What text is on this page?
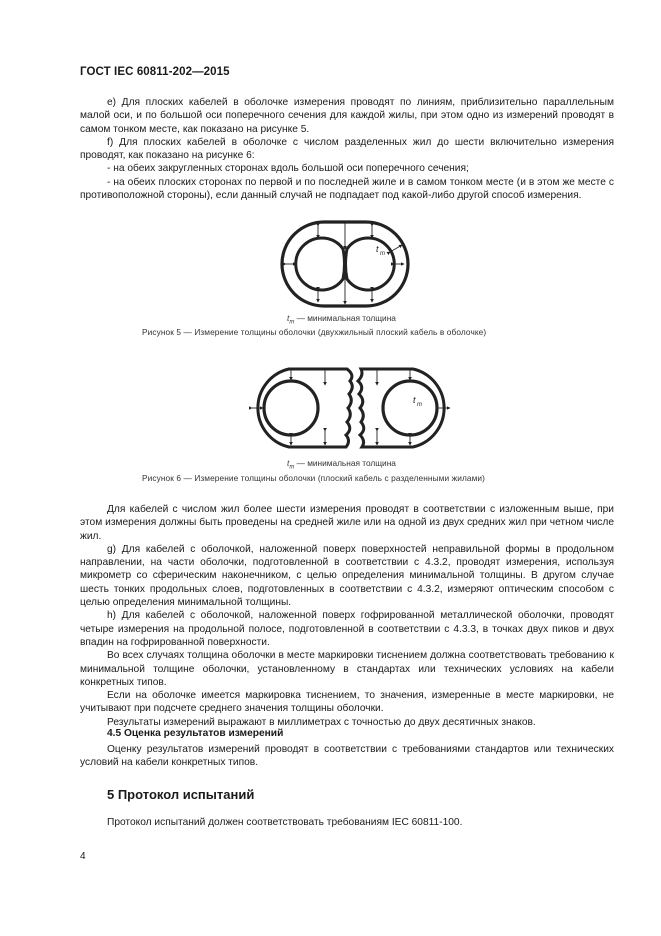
ГОСТ IEC 60811-202—2015

e) Для плоских кабелей в оболочке измерения проводят по линиям, приблизительно параллельным малой оси, и по большой оси поперечного сечения для каждой жилы, при этом одно из измерений проводят в самом тонком месте, как показано на рисунке 5.

f) Для плоских кабелей в оболочке с числом разделенных жил до шести включительно измерения проводят, как показано на рисунке 6:

- на обеих закругленных сторонах вдоль большой оси поперечного сечения;

- на обеих плоских сторонах по первой и по последней жиле и в самом тонком месте (и в этом же месте с противоположной стороны), если данный случай не подпадает под какой-либо другой способ измерения.

t m
$t_m$ — минимальная толщина
Рисунок 5 — Измерение толщины оболочки (двухжильный плоский кабель в оболочке)
t m
$t_m$ — минимальная толщина
Рисунок 6 — Измерение толщины оболочки (плоский кабель с разделенными жилами)

Для кабелей с числом жил более шести измерения проводят в соответствии с изложенным выше, при этом измерения должны быть проведены на средней жиле или на одной из двух средних жил при четном числе жил.

g) Для кабелей с оболочкой, наложенной поверх поверхностей неправильной формы в продольном направлении, на части оболочки, подготовленной в соответствии с 4.3.2, проводят измерения, используя микрометр со сферическим наконечником, с целью определения минимальной толщины. В другом случае шесть тонких продольных слоев, подготовленных в соответствии с 4.3.2, измеряют оптическим способом с целью определения минимальной толщины.

h) Для кабелей с оболочкой, наложенной поверх гофрированной металлической оболочки, проводят четыре измерения на продольной полосе, подготовленной в соответствии с 4.3.3, в точках двух пиков и двух впадин на гофрированной поверхности.

Во всех случаях толщина оболочки в месте маркировки тиснением должна соответствовать требованию к минимальной толщине оболочки, установленному в стандартах или технических условиях на кабели конкретных типов.

Если на оболочке имеется маркировка тиснением, то значения, измеренные в месте маркировки, не учитывают при подсчете среднего значения толщины оболочки.

Результаты измерений выражают в миллиметрах с точностью до двух десятичных знаков.

4.5 Оценка результатов измерений

Оценку результатов измерений проводят в соответствии с требованиями стандартов или технических условий на кабели конкретных типов.

5 Протокол испытаний

Протокол испытаний должен соответствовать требованиям IEC 60811-100.

4
